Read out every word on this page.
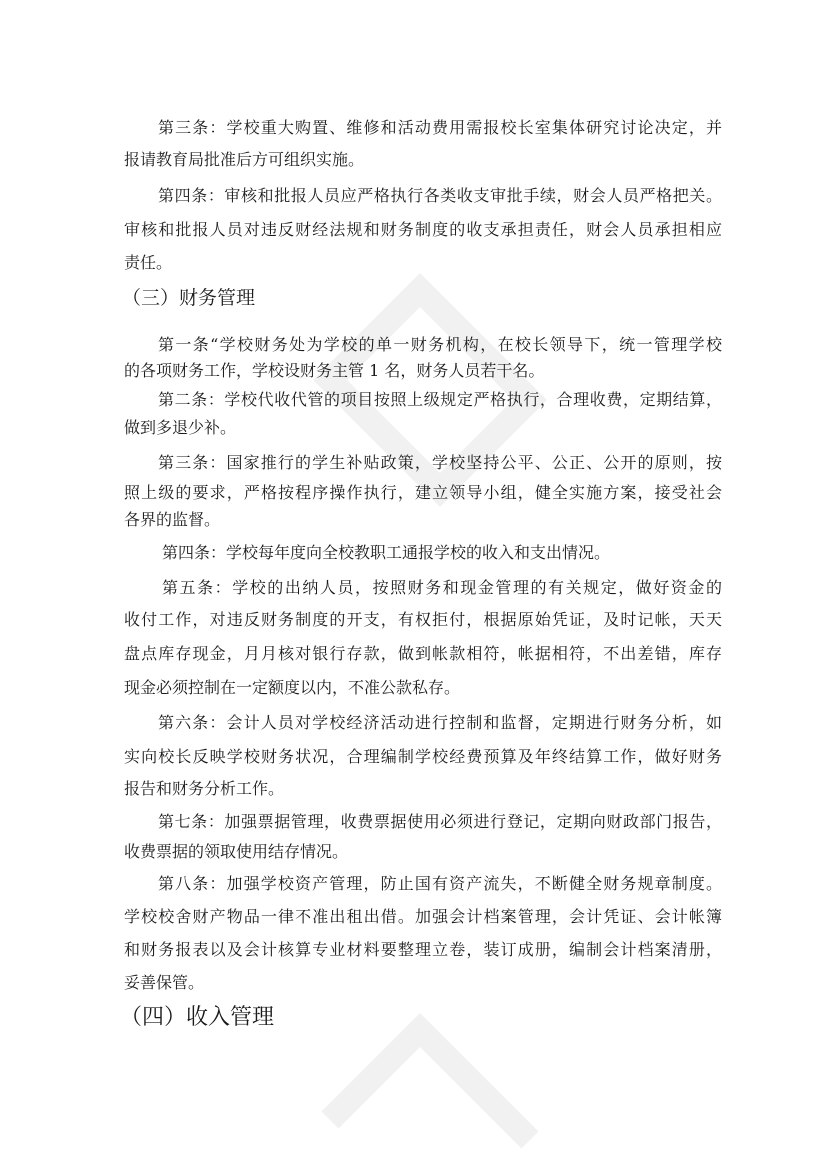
第三条：学校重大购置、维修和活动费用需报校长室集体研究讨论决定，并
报请教育局批准后方可组织实施。
第四条：审核和批报人员应严格执行各类收支审批手续，财会人员严格把关。
审核和批报人员对违反财经法规和财务制度的收支承担责任，财会人员承担相应
责任。
（三）财务管理
第一条“学校财务处为学校的单一财务机构，在校长领导下，统一管理学校
的各项财务工作，学校设财务主管 1 名，财务人员若干名。
第二条：学校代收代管的项目按照上级规定严格执行，合理收费，定期结算，
做到多退少补。
第三条：国家推行的学生补贴政策，学校坚持公平、公正、公开的原则，按
照上级的要求，严格按程序操作执行，建立领导小组，健全实施方案，接受社会
各界的监督。
第四条：学校每年度向全校教职工通报学校的收入和支出情况。
第五条：学校的出纳人员，按照财务和现金管理的有关规定，做好资金的
收付工作，对违反财务制度的开支，有权拒付，根据原始凭证，及时记帐，天天
盘点库存现金，月月核对银行存款，做到帐款相符，帐据相符，不出差错，库存
现金必须控制在一定额度以内，不准公款私存。
第六条：会计人员对学校经济活动进行控制和监督，定期进行财务分析，如
实向校长反映学校财务状况，合理编制学校经费预算及年终结算工作，做好财务
报告和财务分析工作。
第七条：加强票据管理，收费票据使用必须进行登记，定期向财政部门报告，
收费票据的领取使用结存情况。
第八条：加强学校资产管理，防止国有资产流失，不断健全财务规章制度。
学校校舍财产物品一律不准出租出借。加强会计档案管理，会计凭证、会计帐簿
和财务报表以及会计核算专业材料要整理立卷，装订成册，编制会计档案清册，
妥善保管。
（四）收入管理
